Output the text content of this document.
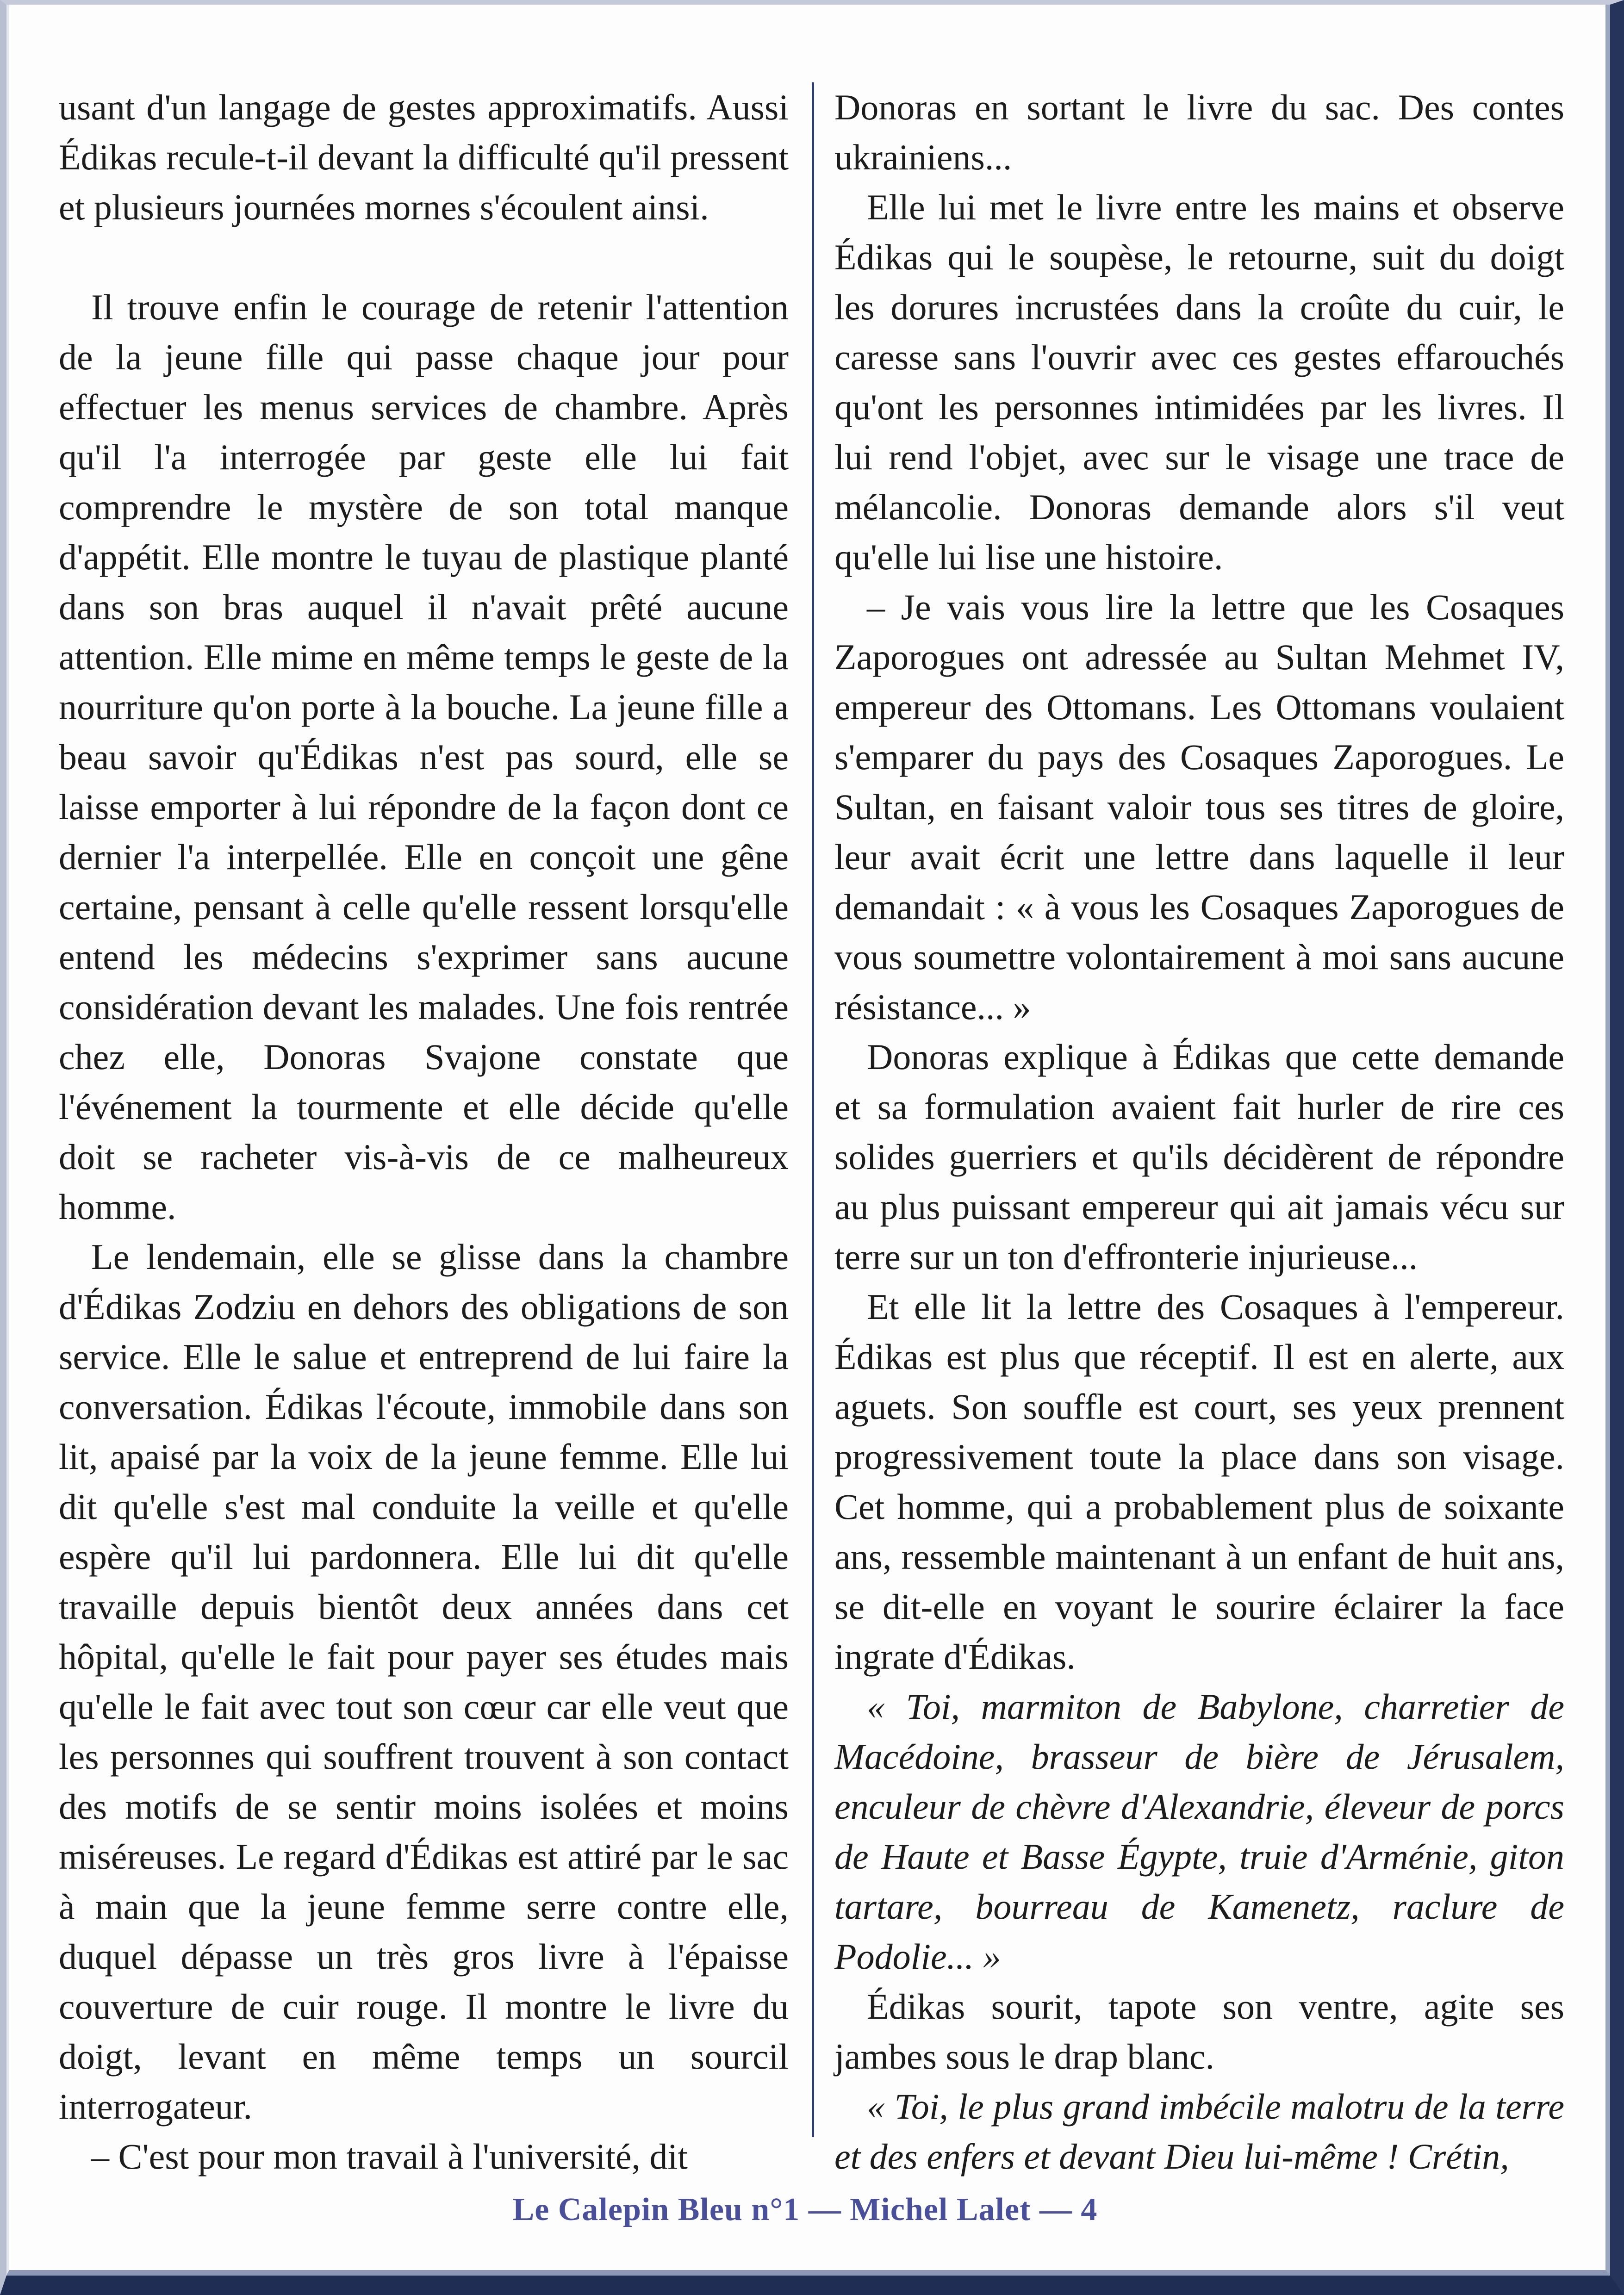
usant d'un langage de gestes approximatifs. Aussi Édikas recule-t-il devant la difficulté qu'il pressent et plusieurs journées mornes s'écoulent ainsi.

Il trouve enfin le courage de retenir l'attention de la jeune fille qui passe chaque jour pour effectuer les menus services de chambre. Après qu'il l'a interrogée par geste elle lui fait comprendre le mystère de son total manque d'appétit. Elle montre le tuyau de plastique planté dans son bras auquel il n'avait prêté aucune attention. Elle mime en même temps le geste de la nourriture qu'on porte à la bouche. La jeune fille a beau savoir qu'Édikas n'est pas sourd, elle se laisse emporter à lui répondre de la façon dont ce dernier l'a interpellée. Elle en conçoit une gêne certaine, pensant à celle qu'elle ressent lorsqu'elle entend les médecins s'exprimer sans aucune considération devant les malades. Une fois rentrée chez elle, Donoras Svajone constate que l'événement la tourmente et elle décide qu'elle doit se racheter vis-à-vis de ce malheureux homme.

Le lendemain, elle se glisse dans la chambre d'Édikas Zodziu en dehors des obligations de son service. Elle le salue et entreprend de lui faire la conversation. Édikas l'écoute, immobile dans son lit, apaisé par la voix de la jeune femme. Elle lui dit qu'elle s'est mal conduite la veille et qu'elle espère qu'il lui pardonnera. Elle lui dit qu'elle travaille depuis bientôt deux années dans cet hôpital, qu'elle le fait pour payer ses études mais qu'elle le fait avec tout son cœur car elle veut que les personnes qui souffrent trouvent à son contact des motifs de se sentir moins isolées et moins miséreuses. Le regard d'Édikas est attiré par le sac à main que la jeune femme serre contre elle, duquel dépasse un très gros livre à l'épaisse couverture de cuir rouge. Il montre le livre du doigt, levant en même temps un sourcil interrogateur.

– C'est pour mon travail à l'université, dit

Donoras en sortant le livre du sac. Des contes ukrainiens...

Elle lui met le livre entre les mains et observe Édikas qui le soupèse, le retourne, suit du doigt les dorures incrustées dans la croûte du cuir, le caresse sans l'ouvrir avec ces gestes effarouchés qu'ont les personnes intimidées par les livres. Il lui rend l'objet, avec sur le visage une trace de mélancolie. Donoras demande alors s'il veut qu'elle lui lise une histoire.

– Je vais vous lire la lettre que les Cosaques Zaporogues ont adressée au Sultan Mehmet IV, empereur des Ottomans. Les Ottomans voulaient s'emparer du pays des Cosaques Zaporogues. Le Sultan, en faisant valoir tous ses titres de gloire, leur avait écrit une lettre dans laquelle il leur demandait : « à vous les Cosaques Zaporogues de vous soumettre volontairement à moi sans aucune résistance... »

Donoras explique à Édikas que cette demande et sa formulation avaient fait hurler de rire ces solides guerriers et qu'ils décidèrent de répondre au plus puissant empereur qui ait jamais vécu sur terre sur un ton d'effronterie injurieuse...

Et elle lit la lettre des Cosaques à l'empereur. Édikas est plus que réceptif. Il est en alerte, aux aguets. Son souffle est court, ses yeux prennent progressivement toute la place dans son visage. Cet homme, qui a probablement plus de soixante ans, ressemble maintenant à un enfant de huit ans, se dit-elle en voyant le sourire éclairer la face ingrate d'Édikas.

« Toi, marmiton de Babylone, charretier de Macédoine, brasseur de bière de Jérusalem, enculeur de chèvre d'Alexandrie, éleveur de porcs de Haute et Basse Égypte, truie d'Arménie, giton tartare, bourreau de Kamenetz, raclure de Podolie... »

Édikas sourit, tapote son ventre, agite ses jambes sous le drap blanc.

« Toi, le plus grand imbécile malotru de la terre et des enfers et devant Dieu lui-même ! Crétin,

Le Calepin Bleu n°1 — Michel Lalet — 4
